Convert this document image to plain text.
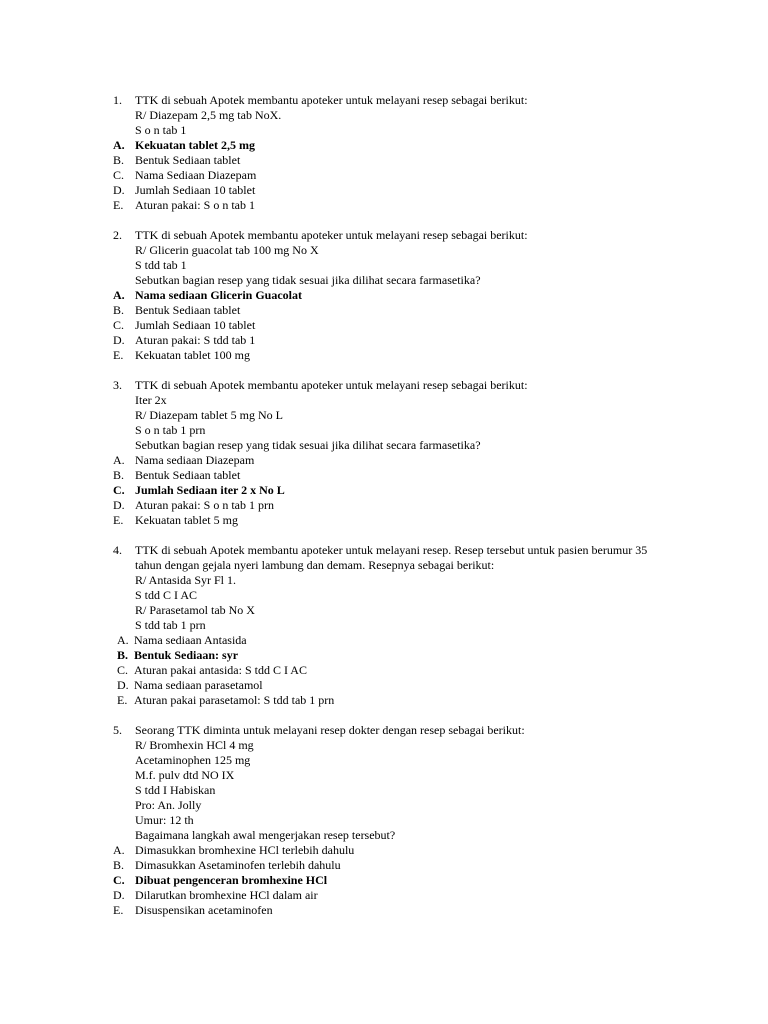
1. TTK di sebuah Apotek membantu apoteker untuk melayani resep sebagai berikut:
R/ Diazepam 2,5 mg tab NoX.
S o n tab 1
A. Kekuatan tablet 2,5 mg
B. Bentuk Sediaan tablet
C. Nama Sediaan Diazepam
D. Jumlah Sediaan 10 tablet
E. Aturan pakai: S o n tab 1
2. TTK di sebuah Apotek membantu apoteker untuk melayani resep sebagai berikut:
R/ Glicerin guacolat tab 100 mg No X
S tdd tab 1
Sebutkan bagian resep yang tidak sesuai jika dilihat secara farmasetika?
A. Nama sediaan Glicerin Guacolat
B. Bentuk Sediaan tablet
C. Jumlah Sediaan 10 tablet
D. Aturan pakai: S tdd tab 1
E. Kekuatan tablet 100 mg
3. TTK di sebuah Apotek membantu apoteker untuk melayani resep sebagai berikut:
Iter 2x
R/ Diazepam tablet 5 mg No L
S o n tab 1 prn
Sebutkan bagian resep yang tidak sesuai jika dilihat secara farmasetika?
A. Nama sediaan Diazepam
B. Bentuk Sediaan tablet
C. Jumlah Sediaan iter 2 x No L
D. Aturan pakai: S o n tab 1 prn
E. Kekuatan tablet 5 mg
4. TTK di sebuah Apotek membantu apoteker untuk melayani resep. Resep tersebut untuk pasien berumur 35
tahun dengan gejala nyeri lambung dan demam. Resepnya sebagai berikut:
R/ Antasida Syr Fl 1.
S tdd C I AC
R/ Parasetamol tab No X
S tdd tab 1 prn
A. Nama sediaan Antasida
B. Bentuk Sediaan: syr
C. Aturan pakai antasida: S tdd C I AC
D. Nama sediaan parasetamol
E. Aturan pakai parasetamol: S tdd tab 1 prn
5. Seorang TTK diminta untuk melayani resep dokter dengan resep sebagai berikut:
R/ Bromhexin HCl 4 mg
Acetaminophen 125 mg
M.f. pulv dtd NO IX
S tdd I Habiskan
Pro: An. Jolly
Umur: 12 th
Bagaimana langkah awal mengerjakan resep tersebut?
A. Dimasukkan bromhexine HCl terlebih dahulu
B. Dimasukkan Asetaminofen terlebih dahulu
C. Dibuat pengenceran bromhexine HCl
D. Dilarutkan bromhexine HCl dalam air
E. Disuspensikan acetaminofen
